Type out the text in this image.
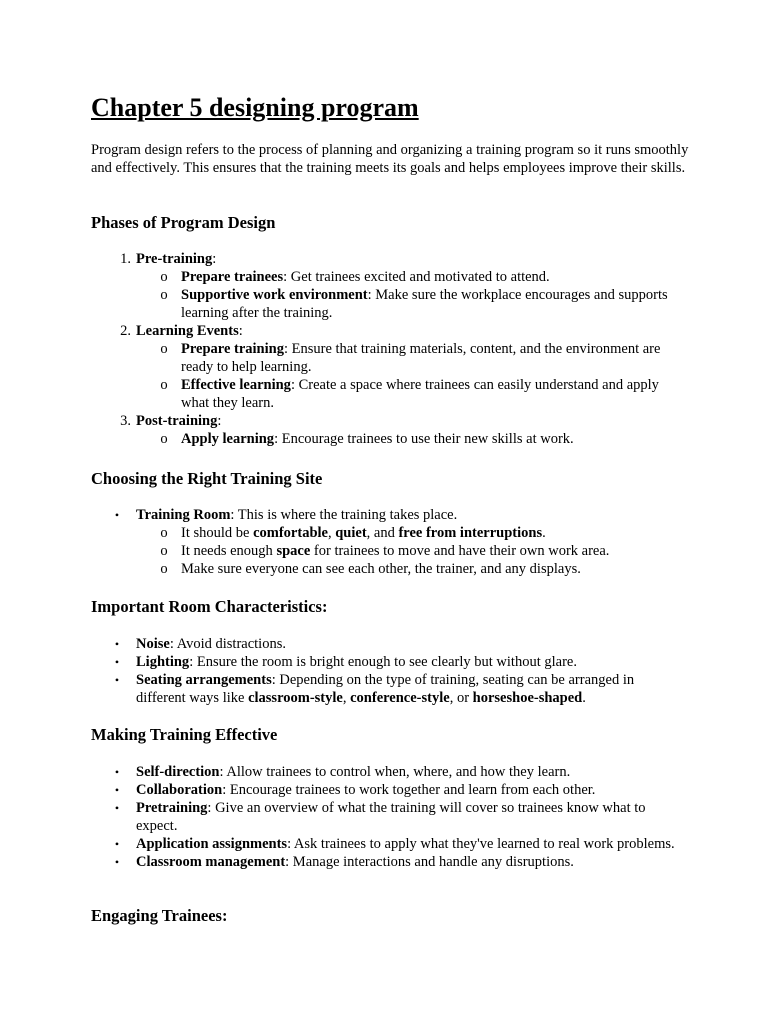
Chapter 5 designing program

Program design refers to the process of planning and organizing a training program so it runs smoothly and effectively. This ensures that the training meets its goals and helps employees improve their skills.

Phases of Program Design
1. Pre-training:
o Prepare trainees: Get trainees excited and motivated to attend.
o Supportive work environment: Make sure the workplace encourages and supports learning after the training.
2. Learning Events:
o Prepare training: Ensure that training materials, content, and the environment are ready to help learning.
o Effective learning: Create a space where trainees can easily understand and apply what they learn.
3. Post-training:
o Apply learning: Encourage trainees to use their new skills at work.
Choosing the Right Training Site
• Training Room: This is where the training takes place.
o It should be comfortable, quiet, and free from interruptions.
o It needs enough space for trainees to move and have their own work area.
o Make sure everyone can see each other, the trainer, and any displays.
Important Room Characteristics:
• Noise: Avoid distractions.
• Lighting: Ensure the room is bright enough to see clearly but without glare.
• Seating arrangements: Depending on the type of training, seating can be arranged in different ways like classroom-style, conference-style, or horseshoe-shaped.
Making Training Effective
• Self-direction: Allow trainees to control when, where, and how they learn.
• Collaboration: Encourage trainees to work together and learn from each other.
• Pretraining: Give an overview of what the training will cover so trainees know what to expect.
• Application assignments: Ask trainees to apply what they've learned to real work problems.
• Classroom management: Manage interactions and handle any disruptions.
Engaging Trainees:
